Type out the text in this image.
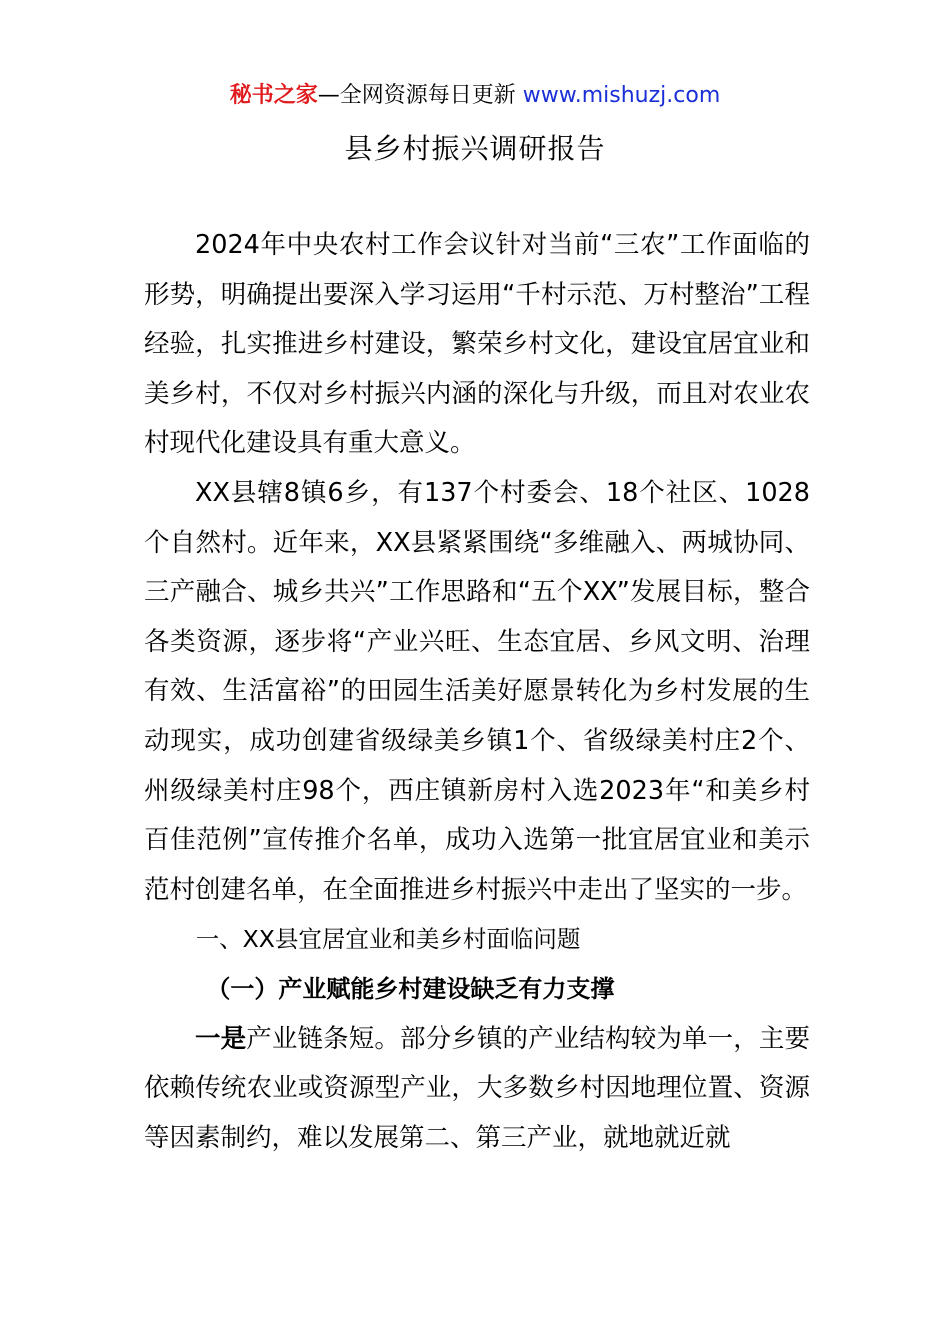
秘书之家—全网资源每日更新 www.mishuzj.com
县乡村振兴调研报告

2024年中央农村工作会议针对当前“三农”工作面临的形势，明确提出要深入学习运用“千村示范、万村整治”工程经验，扎实推进乡村建设，繁荣乡村文化，建设宜居宜业和美乡村，不仅对乡村振兴内涵的深化与升级，而且对农业农村现代化建设具有重大意义。

XX县辖8镇6乡，有137个村委会、18个社区、1028个自然村。近年来，XX县紧紧围绕“多维融入、两城协同、三产融合、城乡共兴”工作思路和“五个XX”发展目标，整合各类资源，逐步将“产业兴旺、生态宜居、乡风文明、治理有效、生活富裕”的田园生活美好愿景转化为乡村发展的生动现实，成功创建省级绿美乡镇1个、省级绿美村庄2个、州级绿美村庄98个，西庄镇新房村入选2023年“和美乡村百佳范例”宣传推介名单，成功入选第一批宜居宜业和美示范村创建名单，在全面推进乡村振兴中走出了坚实的一步。

一、XX县宜居宜业和美乡村面临问题

（一）产业赋能乡村建设缺乏有力支撑

一是产业链条短。部分乡镇的产业结构较为单一，主要依赖传统农业或资源型产业，大多数乡村因地理位置、资源等因素制约，难以发展第二、第三产业，就地就近就
